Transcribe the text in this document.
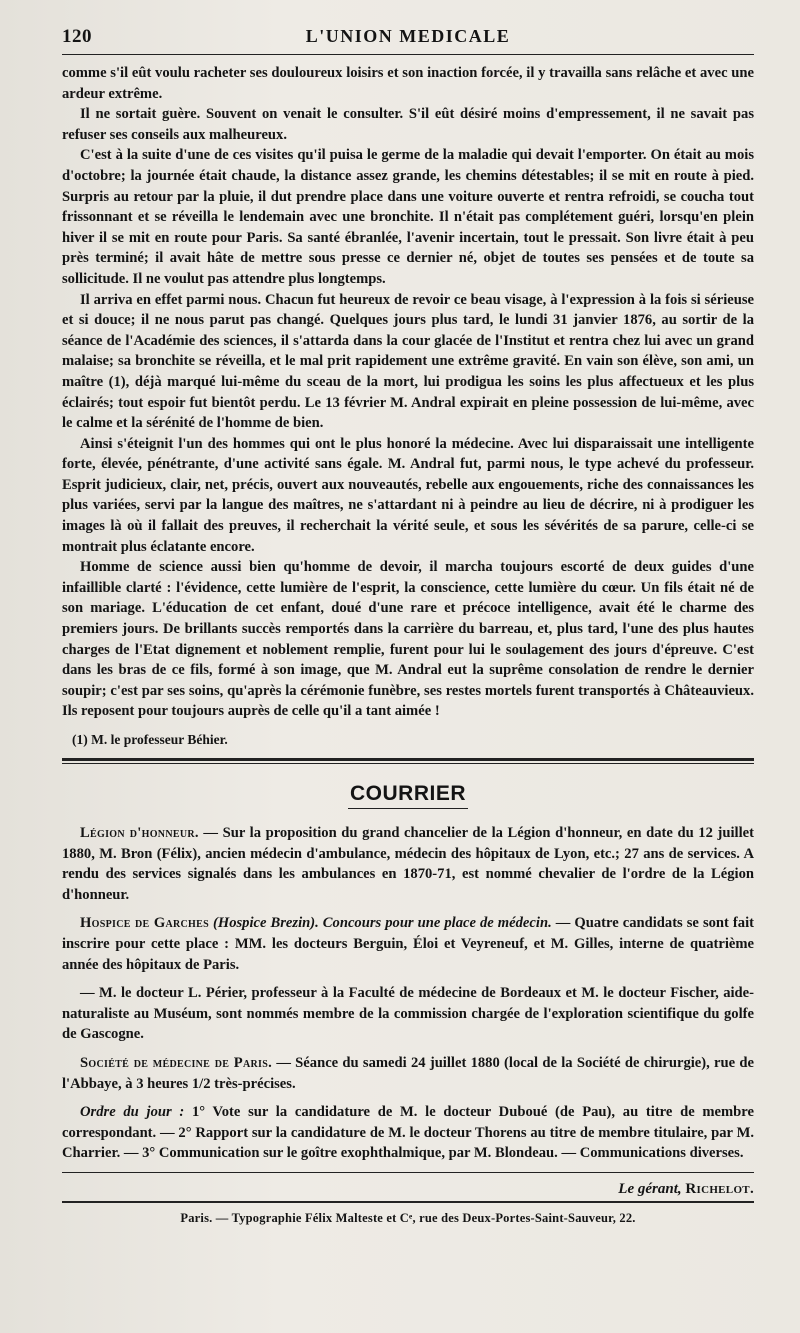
120	L'UNION MEDICALE

comme s'il eût voulu racheter ses douloureux loisirs et son inaction forcée, il y travailla sans relâche et avec une ardeur extrême.

Il ne sortait guère. Souvent on venait le consulter. S'il eût désiré moins d'empressement, il ne savait pas refuser ses conseils aux malheureux.

C'est à la suite d'une de ces visites qu'il puisa le germe de la maladie qui devait l'emporter. On était au mois d'octobre; la journée était chaude, la distance assez grande, les chemins détestables; il se mit en route à pied. Surpris au retour par la pluie, il dut prendre place dans une voiture ouverte et rentra refroidi, se coucha tout frissonnant et se réveilla le lendemain avec une bronchite. Il n'était pas complétement guéri, lorsqu'en plein hiver il se mit en route pour Paris. Sa santé ébranlée, l'avenir incertain, tout le pressait. Son livre était à peu près terminé; il avait hâte de mettre sous presse ce dernier né, objet de toutes ses pensées et de toute sa sollicitude. Il ne voulut pas attendre plus longtemps.

Il arriva en effet parmi nous. Chacun fut heureux de revoir ce beau visage, à l'expression à la fois si sérieuse et si douce; il ne nous parut pas changé. Quelques jours plus tard, le lundi 31 janvier 1876, au sortir de la séance de l'Académie des sciences, il s'attarda dans la cour glacée de l'Institut et rentra chez lui avec un grand malaise; sa bronchite se réveilla, et le mal prit rapidement une extrême gravité. En vain son élève, son ami, un maître (1), déjà marqué lui-même du sceau de la mort, lui prodigua les soins les plus affectueux et les plus éclairés; tout espoir fut bientôt perdu. Le 13 février M. Andral expirait en pleine possession de lui-même, avec le calme et la sérénité de l'homme de bien.

Ainsi s'éteignit l'un des hommes qui ont le plus honoré la médecine. Avec lui disparaissait une intelligente forte, élevée, pénétrante, d'une activité sans égale. M. Andral fut, parmi nous, le type achevé du professeur. Esprit judicieux, clair, net, précis, ouvert aux nouveautés, rebelle aux engouements, riche des connaissances les plus variées, servi par la langue des maîtres, ne s'attardant ni à peindre au lieu de décrire, ni à prodiguer les images là où il fallait des preuves, il recherchait la vérité seule, et sous les sévérités de sa parure, celle-ci se montrait plus éclatante encore.

Homme de science aussi bien qu'homme de devoir, il marcha toujours escorté de deux guides d'une infaillible clarté : l'évidence, cette lumière de l'esprit, la conscience, cette lumière du cœur. Un fils était né de son mariage. L'éducation de cet enfant, doué d'une rare et précoce intelligence, avait été le charme des premiers jours. De brillants succès remportés dans la carrière du barreau, et, plus tard, l'une des plus hautes charges de l'Etat dignement et noblement remplie, furent pour lui le soulagement des jours d'épreuve. C'est dans les bras de ce fils, formé à son image, que M. Andral eut la suprême consolation de rendre le dernier soupir; c'est par ses soins, qu'après la cérémonie funèbre, ses restes mortels furent transportés à Châteauvieux. Ils reposent pour toujours auprès de celle qu'il a tant aimée !

(1) M. le professeur Béhier.
COURRIER

Légion d'honneur. — Sur la proposition du grand chancelier de la Légion d'honneur, en date du 12 juillet 1880, M. Bron (Félix), ancien médecin d'ambulance, médecin des hôpitaux de Lyon, etc.; 27 ans de services. A rendu des services signalés dans les ambulances en 1870-71, est nommé chevalier de l'ordre de la Légion d'honneur.

Hospice de Garches (Hospice Brezin). Concours pour une place de médecin. — Quatre candidats se sont fait inscrire pour cette place : MM. les docteurs Berguin, Éloi et Veyreneuf, et M. Gilles, interne de quatrième année des hôpitaux de Paris.

— M. le docteur L. Périer, professeur à la Faculté de médecine de Bordeaux et M. le docteur Fischer, aide-naturaliste au Muséum, sont nommés membre de la commission chargée de l'exploration scientifique du golfe de Gascogne.

Société de médecine de Paris. — Séance du samedi 24 juillet 1880 (local de la Société de chirurgie), rue de l'Abbaye, à 3 heures 1/2 très-précises.

Ordre du jour : 1° Vote sur la candidature de M. le docteur Duboué (de Pau), au titre de membre correspondant. — 2° Rapport sur la candidature de M. le docteur Thorens au titre de membre titulaire, par M. Charrier. — 3° Communication sur le goître exophthalmique, par M. Blondeau. — Communications diverses.

Le gérant, Richelot.
Paris. — Typographie Félix Malteste et Cᵉ, rue des Deux-Portes-Saint-Sauveur, 22.
